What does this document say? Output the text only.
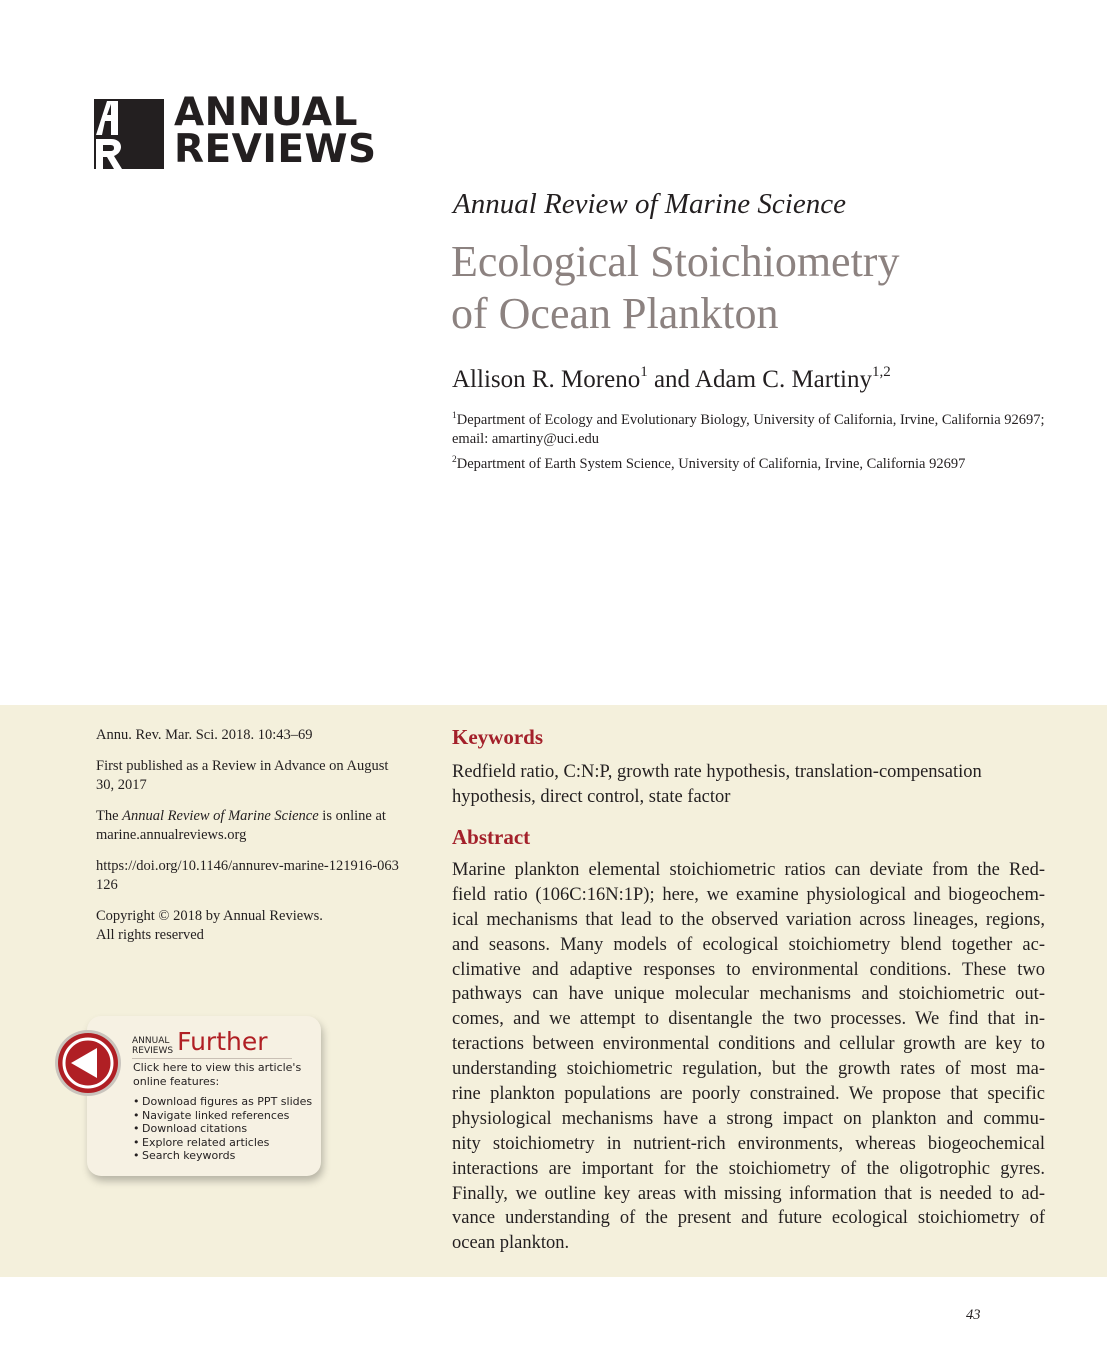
ANNUAL
REVIEWS
Annual Review of Marine Science
Ecological Stoichiometry
of Ocean Plankton
Allison R. Moreno$^1$ and Adam C. Martiny$^{1,2}$

$^1$Department of Ecology and Evolutionary Biology, University of California, Irvine, California 92697; email: amartiny@uci.edu

$^2$Department of Earth System Science, University of California, Irvine, California 92697

Annu. Rev. Mar. Sci. 2018. 10:43–69

First published as a Review in Advance on August 30, 2017

The Annual Review of Marine Science is online at
marine.annualreviews.org

https://doi.org/10.1146/annurev-marine-121916-063126

Copyright © 2018 by Annual Reviews.
All rights reserved

ANNUAL
REVIEWS Further
Click here to view this article's online features:
• Download figures as PPT slides
• Navigate linked references
• Download citations
• Explore related articles
• Search keywords
Keywords
Redfield ratio, C:N:P, growth rate hypothesis, translation-compensation hypothesis, direct control, state factor
Abstract
Marine plankton elemental stoichiometric ratios can deviate from the Red-
field ratio (106C:16N:1P); here, we examine physiological and biogeochem-
ical mechanisms that lead to the observed variation across lineages, regions,
and seasons. Many models of ecological stoichiometry blend together ac-
climative and adaptive responses to environmental conditions. These two
pathways can have unique molecular mechanisms and stoichiometric out-
comes, and we attempt to disentangle the two processes. We find that in-
teractions between environmental conditions and cellular growth are key to
understanding stoichiometric regulation, but the growth rates of most ma-
rine plankton populations are poorly constrained. We propose that specific
physiological mechanisms have a strong impact on plankton and commu-
nity stoichiometry in nutrient-rich environments, whereas biogeochemical
interactions are important for the stoichiometry of the oligotrophic gyres.
Finally, we outline key areas with missing information that is needed to ad-
vance understanding of the present and future ecological stoichiometry of
ocean plankton.
43
